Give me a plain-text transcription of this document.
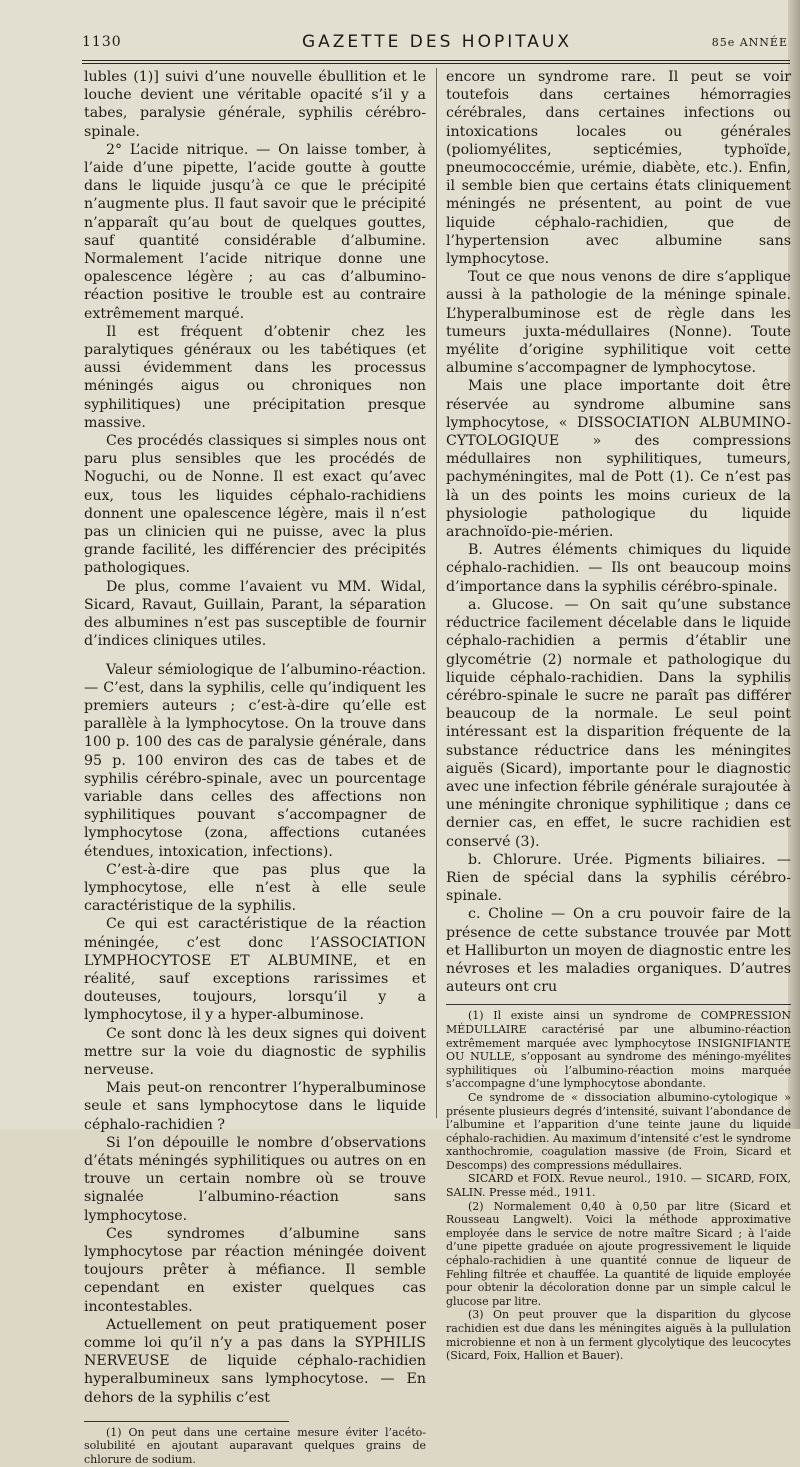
1130	GAZETTE DES HOPITAUX	85e ANNÉE

lubles (1)] suivi d’une nouvelle ébullition et le louche devient une véritable opacité s’il y a tabes, paralysie générale, syphilis cérébro-spinale.

2° L’acide nitrique. — On laisse tomber, à l’aide d’une pipette, l’acide goutte à goutte dans le liquide jusqu’à ce que le précipité n’augmente plus. Il faut savoir que le précipité n’apparaît qu’au bout de quelques gouttes, sauf quantité considérable d’albumine. Normalement l’acide nitrique donne une opalescence légère ; au cas d’albumino-réaction positive le trouble est au contraire extrêmement marqué.

Il est fréquent d’obtenir chez les paralytiques généraux ou les tabétiques (et aussi évidemment dans les processus méningés aigus ou chroniques non syphilitiques) une précipitation presque massive.

Ces procédés classiques si simples nous ont paru plus sensibles que les procédés de Noguchi, ou de Nonne. Il est exact qu’avec eux, tous les liquides céphalo-rachidiens donnent une opalescence légère, mais il n’est pas un clinicien qui ne puisse, avec la plus grande facilité, les différencier des précipités pathologiques.

De plus, comme l’avaient vu MM. Widal, Sicard, Ravaut, Guillain, Parant, la séparation des albumines n’est pas susceptible de fournir d’indices cliniques utiles.

Valeur sémiologique de l’albumino-réaction. — C’est, dans la syphilis, celle qu’indiquent les premiers auteurs ; c’est-à-dire qu’elle est parallèle à la lymphocytose. On la trouve dans 100 p. 100 des cas de paralysie générale, dans 95 p. 100 environ des cas de tabes et de syphilis cérébro-spinale, avec un pourcentage variable dans celles des affections non syphilitiques pouvant s’accompagner de lymphocytose (zona, affections cutanées étendues, intoxication, infections).

C’est-à-dire que pas plus que la lymphocytose, elle n’est à elle seule caractéristique de la syphilis.

Ce qui est caractéristique de la réaction méningée, c’est donc l’ASSOCIATION LYMPHOCYTOSE ET ALBUMINE, et en réalité, sauf exceptions rarissimes et douteuses, toujours, lorsqu’il y a lymphocytose, il y a hyper-albuminose.

Ce sont donc là les deux signes qui doivent mettre sur la voie du diagnostic de syphilis nerveuse.

Mais peut-on rencontrer l’hyperalbuminose seule et sans lymphocytose dans le liquide céphalo-rachidien ?

Si l’on dépouille le nombre d’observations d’états méningés syphilitiques ou autres on en trouve un certain nombre où se trouve signalée l’albumino-réaction sans lymphocytose.

Ces syndromes d’albumine sans lymphocytose par réaction méningée doivent toujours prêter à méfiance. Il semble cependant en exister quelques cas incontestables.

Actuellement on peut pratiquement poser comme loi qu’il n’y a pas dans la SYPHILIS NERVEUSE de liquide céphalo-rachidien hyperalbumineux sans lymphocytose. — En dehors de la syphilis c’est

(1) On peut dans une certaine mesure éviter l’acéto-solubilité en ajoutant auparavant quelques grains de chlorure de sodium.

encore un syndrome rare. Il peut se voir toutefois dans certaines hémorragies cérébrales, dans certaines infections ou intoxications locales ou générales (poliomyélites, septicémies, typhoïde, pneumococcémie, urémie, diabète, etc.). Enfin, il semble bien que certains états cliniquement méningés ne présentent, au point de vue liquide céphalo-rachidien, que de l’hypertension avec albumine sans lymphocytose.

Tout ce que nous venons de dire s’applique aussi à la pathologie de la méninge spinale. L’hyperalbuminose est de règle dans les tumeurs juxta-médullaires (Nonne). Toute myélite d’origine syphilitique voit cette albumine s’accompagner de lymphocytose.

Mais une place importante doit être réservée au syndrome albumine sans lymphocytose, « DISSOCIATION ALBUMINO-CYTOLOGIQUE » des compressions médullaires non syphilitiques, tumeurs, pachyméningites, mal de Pott (1). Ce n’est pas là un des points les moins curieux de la physiologie pathologique du liquide arachnoïdo-pie-mérien.

B. Autres éléments chimiques du liquide céphalo-rachidien. — Ils ont beaucoup moins d’importance dans la syphilis cérébro-spinale.

a. Glucose. — On sait qu’une substance réductrice facilement décelable dans le liquide céphalo-rachidien a permis d’établir une glycométrie (2) normale et pathologique du liquide céphalo-rachidien. Dans la syphilis cérébro-spinale le sucre ne paraît pas différer beaucoup de la normale. Le seul point intéressant est la disparition fréquente de la substance réductrice dans les méningites aiguës (Sicard), importante pour le diagnostic avec une infection fébrile générale surajoutée à une méningite chronique syphilitique ; dans ce dernier cas, en effet, le sucre rachidien est conservé (3).

b. Chlorure. Urée. Pigments biliaires. — Rien de spécial dans la syphilis cérébro-spinale.

c. Choline — On a cru pouvoir faire de la présence de cette substance trouvée par Mott et Halliburton un moyen de diagnostic entre les névroses et les maladies organiques. D’autres auteurs ont cru

(1) Il existe ainsi un syndrome de COMPRESSION MÉDULLAIRE caractérisé par une albumino-réaction extrêmement marquée avec lymphocytose INSIGNIFIANTE OU NULLE, s’opposant au syndrome des méningo-myélites syphilitiques où l’albumino-réaction moins marquée s’accompagne d’une lymphocytose abondante.

Ce syndrome de « dissociation albumino-cytologique » présente plusieurs degrés d’intensité, suivant l’abondance de l’albumine et l’apparition d’une teinte jaune du liquide céphalo-rachidien. Au maximum d’intensité c’est le syndrome xanthochromie, coagulation massive (de Froin, Sicard et Descomps) des compressions médullaires.

SICARD et FOIX. Revue neurol., 1910. — SICARD, FOIX, SALIN. Presse méd., 1911.

(2) Normalement 0,40 à 0,50 par litre (Sicard et Rousseau Langwelt). Voici la méthode approximative employée dans le service de notre maître Sicard ; à l’aide d’une pipette graduée on ajoute progressivement le liquide céphalo-rachidien à une quantité connue de liqueur de Fehling filtrée et chauffée. La quantité de liquide employée pour obtenir la décoloration donne par un simple calcul le glucose par litre.

(3) On peut prouver que la disparition du glycose rachidien est due dans les méningites aiguës à la pullulation microbienne et non à un ferment glycolytique des leucocytes (Sicard, Foix, Hallion et Bauer).
